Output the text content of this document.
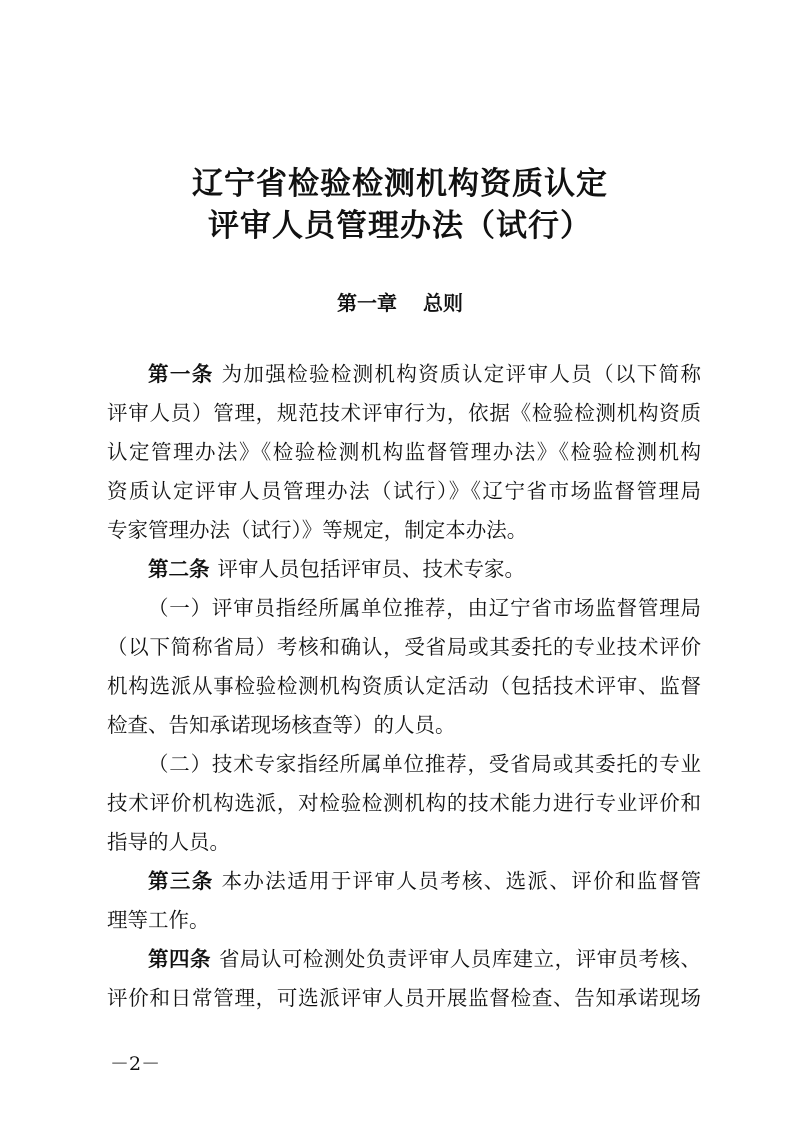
辽宁省检验检测机构资质认定
评审人员管理办法（试行）
第一章 总则
第一条 为加强检验检测机构资质认定评审人员（以下简称
评审人员）管理，规范技术评审行为，依据《检验检测机构资质
认定管理办法》《检验检测机构监督管理办法》《检验检测机构
资质认定评审人员管理办法（试行）》《辽宁省市场监督管理局
专家管理办法（试行）》等规定，制定本办法。
第二条 评审人员包括评审员、技术专家。
（一）评审员指经所属单位推荐，由辽宁省市场监督管理局
（以下简称省局）考核和确认，受省局或其委托的专业技术评价
机构选派从事检验检测机构资质认定活动（包括技术评审、监督
检查、告知承诺现场核查等）的人员。
（二）技术专家指经所属单位推荐，受省局或其委托的专业
技术评价机构选派，对检验检测机构的技术能力进行专业评价和
指导的人员。
第三条 本办法适用于评审人员考核、选派、评价和监督管
理等工作。
第四条 省局认可检测处负责评审人员库建立，评审员考核、
评价和日常管理，可选派评审人员开展监督检查、告知承诺现场
－2－
